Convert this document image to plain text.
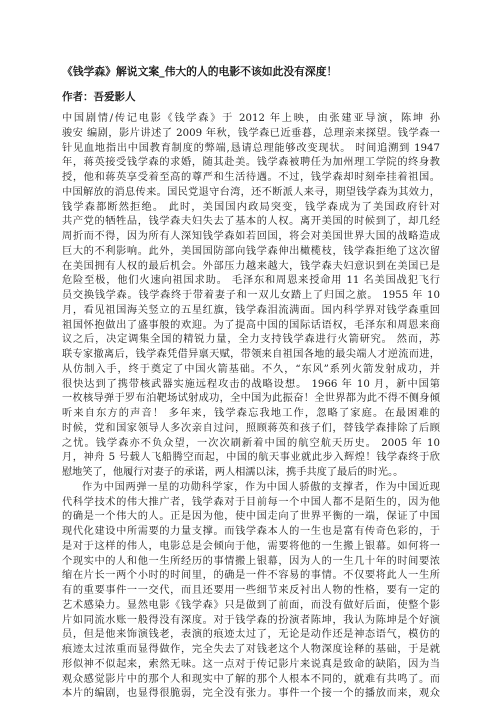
《钱学森》解说文案_伟大的人的电影不该如此没有深度！
作者：吾爱影人
中国剧情/传记电影《钱学森》于 2012 年上映，由张建亚导演，陈坤 孙
骏安 编剧，影片讲述了 2009 年秋，钱学森已近垂暮，总理亲来探望。钱学森一
针见血地指出中国教育制度的弊端,恳请总理能够改变现状。 时间追溯到 1947
年，蒋英接受钱学森的求婚，随其赴美。钱学森被聘任为加州理工学院的终身教
授，他和蒋英享受着至高的尊严和生活待遇。不过，钱学森却时刻牵挂着祖国。
中国解放的消息传来。国民党退守台湾，还不断派人来寻，期望钱学森为其效力，
钱学森都断然拒绝。 此时，美国国内政局突变，钱学森成为了美国政府针对
共产党的牺牲品，钱学森夫妇失去了基本的人权。离开美国的时候到了，却几经
周折而不得，因为所有人深知钱学森如若回国，将会对美国世界大国的战略造成
巨大的不利影响。此外，美国国防部向钱学森伸出橄榄枝，钱学森拒绝了这次留
在美国拥有人权的最后机会。外部压力越来越大，钱学森夫妇意识到在美国已是
危险至极，他们火速向祖国求助。 毛泽东和周恩来授命用 11 名美国战犯飞行
员交换钱学森。钱学森终于带着妻子和一双儿女踏上了归国之旅。 1955 年 10
月，看见祖国海关竖立的五星红旗，钱学森泪流满面。国内科学界对钱学森重回
祖国怀抱做出了盛事般的欢迎。为了提高中国的国际话语权，毛泽东和周恩来商
议之后，决定调集全国的精锐力量，全力支持钱学森进行火箭研究。 然而，苏
联专家撤离后，钱学森凭借异禀天赋，带领来自祖国各地的最尖端人才逆流而进，
从仿制入手，终于奠定了中国火箭基础。不久，“东风”系列火箭发射成功，并
很快达到了携带核武器实施远程攻击的战略设想。 1966 年 10 月，新中国第
一枚核导弹于罗布泊靶场试射成功，全中国为此振奋！全世界都为此不得不侧身倾
听来自东方的声音！ 多年来，钱学森忘我地工作，忽略了家庭。在最困难的
时候，党和国家领导人多次亲自过问，照顾蒋英和孩子们，替钱学森排除了后顾
之忧。钱学森亦不负众望，一次次刷新着中国的航空航天历史。 2005 年 10
月，神舟 5 号载人飞船腾空而起，中国的航天事业就此步入辉煌！钱学森终于欣
慰地笑了，他履行对妻子的承诺，两人相濡以沫，携手共度了最后的时光。。
作为中国两弹一星的功勋科学家，作为中国人骄傲的支撑者，作为中国近现
代科学技术的伟大推广者，钱学森对于目前每一个中国人都不是陌生的，因为他
的确是一个伟大的人。正是因为他，使中国走向了世界平衡的一端，保证了中国
现代化建设中所需要的力量支撑。而钱学森本人的一生也是富有传奇色彩的，于
是对于这样的伟人，电影总是会倾向于他，需要将他的一生搬上银幕。如何将一
个现实中的人和他一生所经历的事情搬上银幕，因为人的一生几十年的时间要浓
缩在片长一两个小时的时间里，的确是一件不容易的事情。不仅要将此人一生所
有的重要事件一一交代，而且还要用一些细节来反衬出人物的性格，要有一定的
艺术感染力。显然电影《钱学森》只是做到了前面，而没有做好后面，使整个影
片如同流水账一般得没有深度。对于钱学森的扮演者陈坤，我认为陈坤是个好演
员，但是他来饰演钱老，表演的痕迹太过了，无论是动作还是神态语气，模仿的
痕迹太过浓重而显得做作，完全失去了对钱老这个人物深度诠释的基础，于是就
形似神不似起来，索然无味。这一点对于传记影片来说真是致命的缺陷，因为当
观众感觉影片中的那个人和现实中了解的那个人根本不同的，就难有共鸣了。而
本片的编剧，也显得很脆弱，完全没有张力。事件一个接一个的播放而来，观众
